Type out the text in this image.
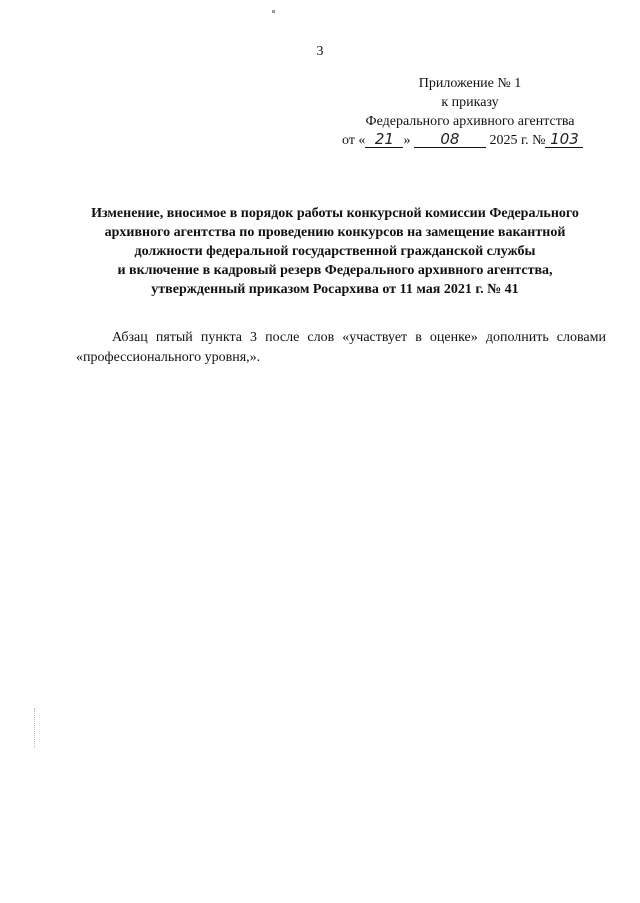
3
Приложение № 1
к приказу
Федерального архивного агентства
от « 21 » 08 2025 г. № 103
Изменение, вносимое в порядок работы конкурсной комиссии Федерального
архивного агентства по проведению конкурсов на замещение вакантной
должности федеральной государственной гражданской службы
и включение в кадровый резерв Федерального архивного агентства,
утвержденный приказом Росархива от 11 мая 2021 г. № 41
Абзац пятый пункта 3 после слов «участвует в оценке» дополнить словами «профессионального уровня,».
